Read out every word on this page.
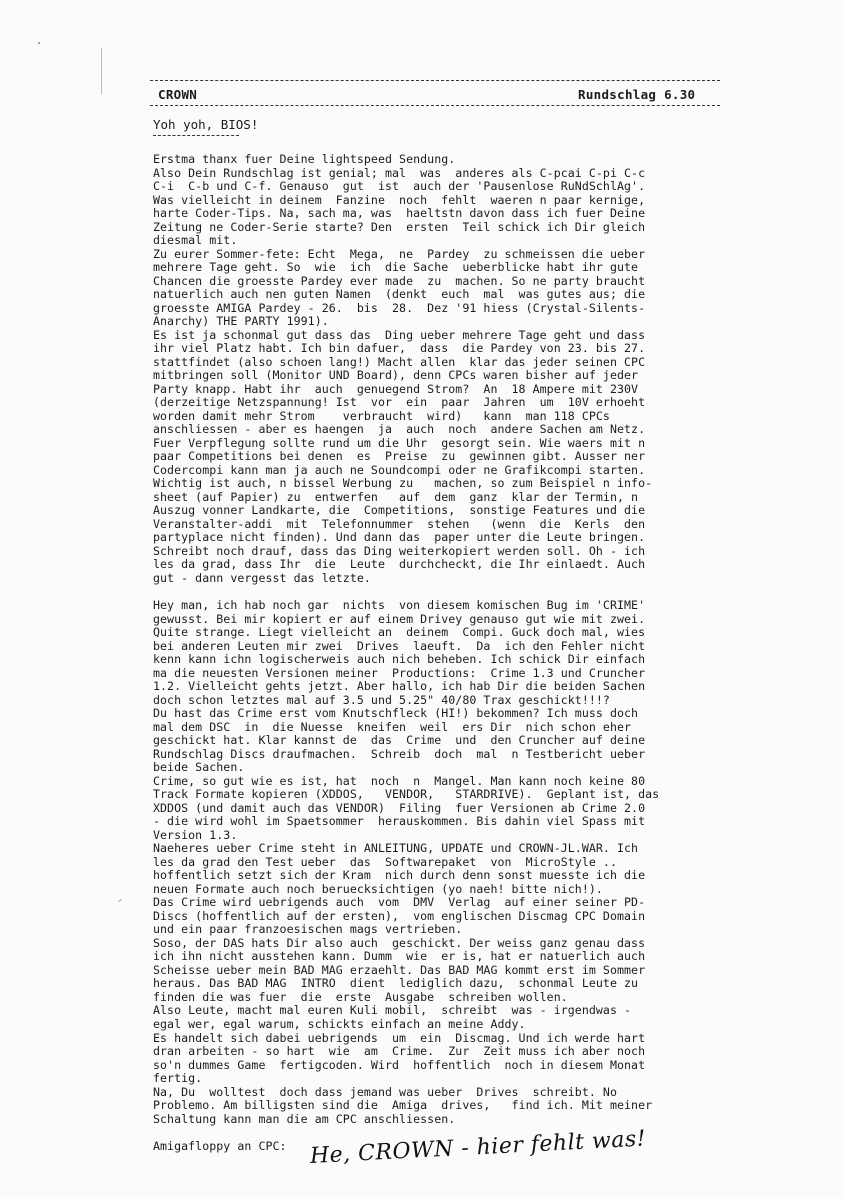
CROWN	Rundschlag 6.30
Yoh yoh, BIOS!
Erstma thanx fuer Deine lightspeed Sendung.
Also Dein Rundschlag ist genial; mal  was  anderes als C-pcai C-pi C-c
C-i  C-b und C-f. Genauso  gut  ist  auch der 'Pausenlose RuNdSchlAg'.
Was vielleicht in deinem  Fanzine  noch  fehlt  waeren n paar kernige,
harte Coder-Tips. Na, sach ma, was  haeltstn davon dass ich fuer Deine
Zeitung ne Coder-Serie starte? Den  ersten  Teil schick ich Dir gleich
diesmal mit.
Zu eurer Sommer-fete: Echt  Mega,  ne  Pardey  zu schmeissen die ueber
mehrere Tage geht. So  wie  ich  die Sache  ueberblicke habt ihr gute
Chancen die groesste Pardey ever made  zu  machen. So ne party braucht
natuerlich auch nen guten Namen  (denkt  euch  mal  was gutes aus; die
groesste AMIGA Pardey - 26.  bis  28.  Dez '91 hiess (Crystal-Silents-
Anarchy) THE PARTY 1991).
Es ist ja schonmal gut dass das  Ding ueber mehrere Tage geht und dass
ihr viel Platz habt. Ich bin dafuer,  dass  die Pardey von 23. bis 27.
stattfindet (also schoen lang!) Macht allen  klar das jeder seinen CPC
mitbringen soll (Monitor UND Board), denn CPCs waren bisher auf jeder
Party knapp. Habt ihr  auch  genuegend Strom?  An  18 Ampere mit 230V
(derzeitige Netzspannung! Ist  vor  ein  paar  Jahren  um  10V erhoeht
worden damit mehr Strom    verbraucht  wird)   kann  man 118 CPCs
anschliessen - aber es haengen  ja  auch  noch  andere Sachen am Netz.
Fuer Verpflegung sollte rund um die Uhr  gesorgt sein. Wie waers mit n
paar Competitions bei denen  es  Preise  zu  gewinnen gibt. Ausser ner
Codercompi kann man ja auch ne Soundcompi oder ne Grafikcompi starten.
Wichtig ist auch, n bissel Werbung zu   machen, so zum Beispiel n info-
sheet (auf Papier) zu  entwerfen   auf  dem  ganz  klar der Termin, n
Auszug vonner Landkarte, die  Competitions,  sonstige Features und die
Veranstalter-addi  mit  Telefonnummer  stehen   (wenn  die  Kerls  den
partyplace nicht finden). Und dann das  paper unter die Leute bringen.
Schreibt noch drauf, dass das Ding weiterkopiert werden soll. Oh - ich
les da grad, dass Ihr  die  Leute  durchcheckt, die Ihr einlaedt. Auch
gut - dann vergesst das letzte.

Hey man, ich hab noch gar  nichts  von diesem komischen Bug im 'CRIME'
gewusst. Bei mir kopiert er auf einem Drivey genauso gut wie mit zwei.
Quite strange. Liegt vielleicht an  deinem  Compi. Guck doch mal, wies
bei anderen Leuten mir zwei  Drives  laeuft.  Da  ich den Fehler nicht
kenn kann ichn logischerweis auch nich beheben. Ich schick Dir einfach
ma die neuesten Versionen meiner  Productions:  Crime 1.3 und Cruncher
1.2. Vielleicht gehts jetzt. Aber hallo, ich hab Dir die beiden Sachen
doch schon letztes mal auf 3.5 und 5.25" 40/80 Trax geschickt!!!?
Du hast das Crime erst vom Knutschfleck (HI!) bekommen? Ich muss doch
mal dem DSC  in  die Nuesse  kneifen  weil  ers Dir  nich schon eher
geschickt hat. Klar kannst de  das  Crime  und  den Cruncher auf deine
Rundschlag Discs draufmachen.  Schreib  doch  mal  n Testbericht ueber
beide Sachen.
Crime, so gut wie es ist, hat  noch  n  Mangel. Man kann noch keine 80
Track Formate kopieren (XDDOS,   VENDOR,   STARDRIVE).  Geplant ist, das
XDDOS (und damit auch das VENDOR)  Filing  fuer Versionen ab Crime 2.0
- die wird wohl im Spaetsommer  herauskommen. Bis dahin viel Spass mit
Version 1.3.
Naeheres ueber Crime steht in ANLEITUNG, UPDATE und CROWN-JL.WAR. Ich
les da grad den Test ueber  das  Softwarepaket  von  MicroStyle ..
hoffentlich setzt sich der Kram  nich durch denn sonst muesste ich die
neuen Formate auch noch beruecksichtigen (yo naeh! bitte nich!).
Das Crime wird uebrigends auch  vom  DMV  Verlag  auf einer seiner PD-
Discs (hoffentlich auf der ersten),  vom englischen Discmag CPC Domain
und ein paar franzoesischen mags vertrieben.
Soso, der DAS hats Dir also auch  geschickt. Der weiss ganz genau dass
ich ihn nicht ausstehen kann. Dumm  wie  er is, hat er natuerlich auch
Scheisse ueber mein BAD MAG erzaehlt. Das BAD MAG kommt erst im Sommer
heraus. Das BAD MAG  INTRO  dient  lediglich dazu,  schonmal Leute zu
finden die was fuer  die  erste  Ausgabe  schreiben wollen.
Also Leute, macht mal euren Kuli mobil,  schreibt  was - irgendwas -
egal wer, egal warum, schickts einfach an meine Addy.
Es handelt sich dabei uebrigends  um  ein  Discmag. Und ich werde hart
dran arbeiten - so hart  wie  am  Crime.  Zur  Zeit muss ich aber noch
so'n dummes Game  fertigcoden. Wird  hoffentlich  noch in diesem Monat
fertig.
Na, Du  wolltest  doch dass jemand was ueber  Drives  schreibt. No
Problemo. Am billigsten sind die  Amiga  drives,   find ich. Mit meiner
Schaltung kann man die am CPC anschliessen.

Amigafloppy an CPC:	He, CROWN - hier fehlt was!
